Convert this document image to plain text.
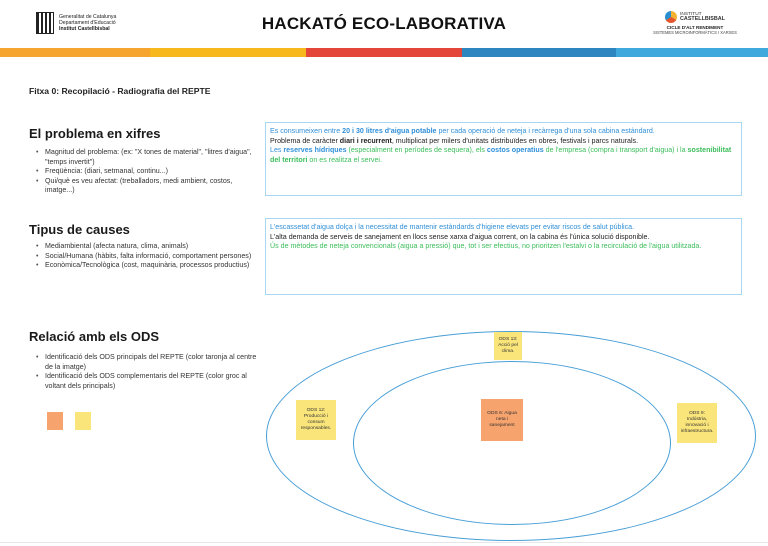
Generalitat de Catalunya
Departament d'Educació
Institut Castellbisbal	HACKATÓ ECO-LABORATIVA	INSTITUT
CASTELLBISBAL
CICLE D'ALT RENDIMENT
SISTEMES MICROINFORMÀTICS I XARXES
Fitxa 0: Recopilació - Radiografia del REPTE
El problema en xifres
• Magnitud del problema: (ex: "X tones de material", "litres d'aigua", "temps invertit")
• Freqüència: (diari, setmanal, continu...)
• Qui/què es veu afectat: (treballadors, medi ambient, costos, imatge...)
Es consumeixen entre 20 i 30 litres d'aigua potable per cada operació de neteja i recàrrega d'una sola cabina estàndard.
Problema de caràcter diari i recurrent, multiplicat per milers d'unitats distribuïdes en obres, festivals i parcs naturals.
Les reserves hídriques (especialment en períodes de sequera), els costos operatius de l'empresa (compra i transport d'aigua) i la sostenibilitat del territori on es realitza el servei.
Tipus de causes
• Mediambiental (afecta natura, clima, animals)
• Social/Humana (hàbits, falta informació, comportament persones)
• Econòmica/Tecnològica (cost, maquinària, processos productius)
L'escassetat d'aigua dolça i la necessitat de mantenir estàndards d'higiene elevats per evitar riscos de salut pública.
L'alta demanda de serveis de sanejament en llocs sense xarxa d'aigua corrent, on la cabina és l'única solució disponible.
Ús de mètodes de neteja convencionals (aigua a pressió) que, tot i ser efectius, no prioritzen l'estalvi o la recirculació de l'aigua utilitzada.
Relació amb els ODS
• Identificació dels ODS principals del REPTE (color taronja al centre de la imatge)
• Identificació dels ODS complementaris del REPTE (color groc al voltant dels principals)
ODS 13: Acció pel clima.
ODS 12: Producció i consum responsables.
ODS 6: Aigua neta i sanejament
ODS 9: Indústria, innovació i infraestructura.
